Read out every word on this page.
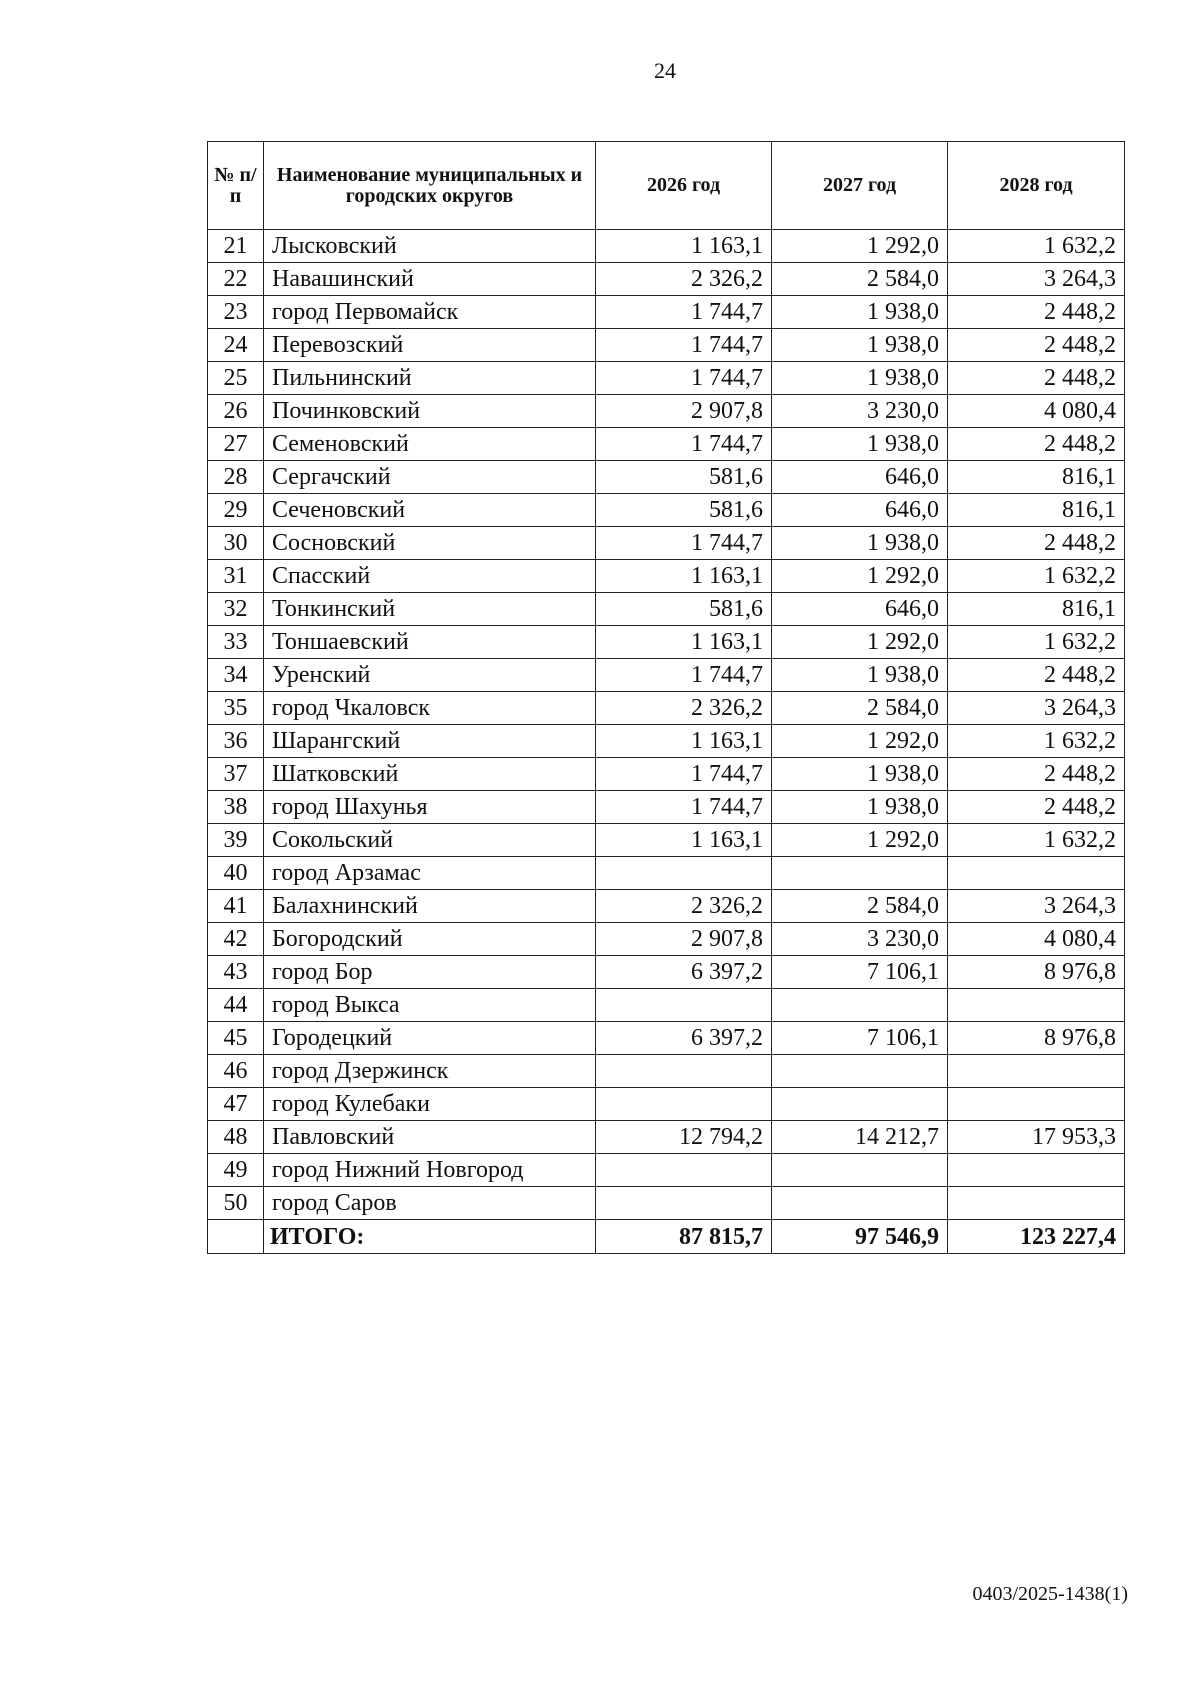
24
№ п/п	Наименование муниципальных и городских округов	2026 год	2027 год	2028 год
21	Лысковский	1 163,1	1 292,0	1 632,2
22	Навашинский	2 326,2	2 584,0	3 264,3
23	город Первомайск	1 744,7	1 938,0	2 448,2
24	Перевозский	1 744,7	1 938,0	2 448,2
25	Пильнинский	1 744,7	1 938,0	2 448,2
26	Починковский	2 907,8	3 230,0	4 080,4
27	Семеновский	1 744,7	1 938,0	2 448,2
28	Сергачский	581,6	646,0	816,1
29	Сеченовский	581,6	646,0	816,1
30	Сосновский	1 744,7	1 938,0	2 448,2
31	Спасский	1 163,1	1 292,0	1 632,2
32	Тонкинский	581,6	646,0	816,1
33	Тоншаевский	1 163,1	1 292,0	1 632,2
34	Уренский	1 744,7	1 938,0	2 448,2
35	город Чкаловск	2 326,2	2 584,0	3 264,3
36	Шарангский	1 163,1	1 292,0	1 632,2
37	Шатковский	1 744,7	1 938,0	2 448,2
38	город Шахунья	1 744,7	1 938,0	2 448,2
39	Сокольский	1 163,1	1 292,0	1 632,2
40	город Арзамас			
41	Балахнинский	2 326,2	2 584,0	3 264,3
42	Богородский	2 907,8	3 230,0	4 080,4
43	город Бор	6 397,2	7 106,1	8 976,8
44	город Выкса			
45	Городецкий	6 397,2	7 106,1	8 976,8
46	город Дзержинск			
47	город Кулебаки			
48	Павловский	12 794,2	14 212,7	17 953,3
49	город Нижний Новгород			
50	город Саров			
	ИТОГО:	87 815,7	97 546,9	123 227,4
0403/2025-1438(1)
